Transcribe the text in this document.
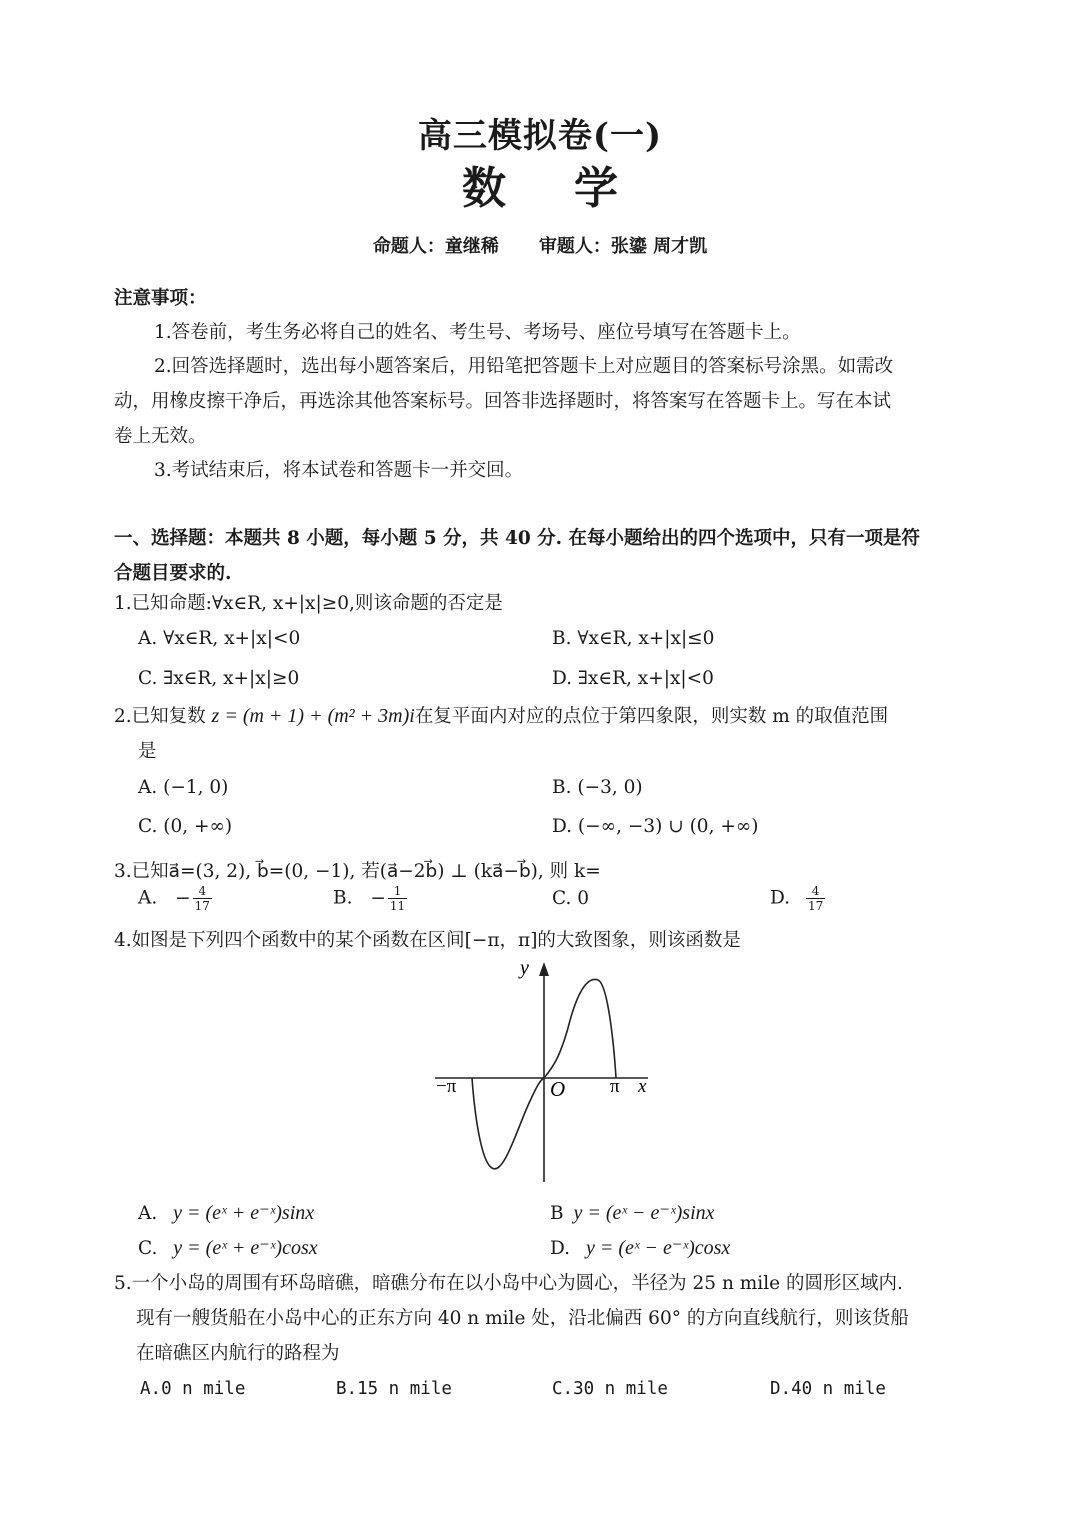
高三模拟卷(一)
数学
命题人：童继稀 审题人：张鎏 周才凯
注意事项：
1.答卷前，考生务必将自己的姓名、考生号、考场号、座位号填写在答题卡上。
2.回答选择题时，选出每小题答案后，用铅笔把答题卡上对应题目的答案标号涂黑。如需改
动，用橡皮擦干净后，再选涂其他答案标号。回答非选择题时，将答案写在答题卡上。写在本试
卷上无效。
3.考试结束后，将本试卷和答题卡一并交回。
一、选择题：本题共 8 小题，每小题 5 分，共 40 分. 在每小题给出的四个选项中，只有一项是符
合题目要求的.
1.已知命题:∀x∈R, x+|x|≥0,则该命题的否定是
A. ∀x∈R, x+|x|<0	B. ∀x∈R, x+|x|≤0
C. ∃x∈R, x+|x|≥0	D. ∃x∈R, x+|x|<0
2.已知复数 z = (m + 1) + (m² + 3m)i在复平面内对应的点位于第四象限，则实数 m 的取值范围
是
A. (−1, 0)	B. (−3, 0)
C. (0, +∞)	D. (−∞, −3) ∪ (0, +∞)
3.已知a⃗=(3, 2), b⃗=(0, −1), 若(a⃗−2b⃗) ⊥ (ka⃗−b⃗), 则 k=
A. − $\frac{4}{17}$	B. − $\frac{1}{11}$	C. 0	D. $\frac{4}{17}$
4.如图是下列四个函数中的某个函数在区间[−π，π]的大致图象，则该函数是
y
x
O
−π	π
A. y = (eˣ + e⁻ˣ)sinx	B y = (eˣ − e⁻ˣ)sinx
C. y = (eˣ + e⁻ˣ)cosx	D. y = (eˣ − e⁻ˣ)cosx
5.一个小岛的周围有环岛暗礁，暗礁分布在以小岛中心为圆心，半径为 25 n mile 的圆形区域内.
现有一艘货船在小岛中心的正东方向 40 n mile 处，沿北偏西 60° 的方向直线航行，则该货船
在暗礁区内航行的路程为
A.0 n mile	B.15 n mile	C.30 n mile	D.40 n mile
